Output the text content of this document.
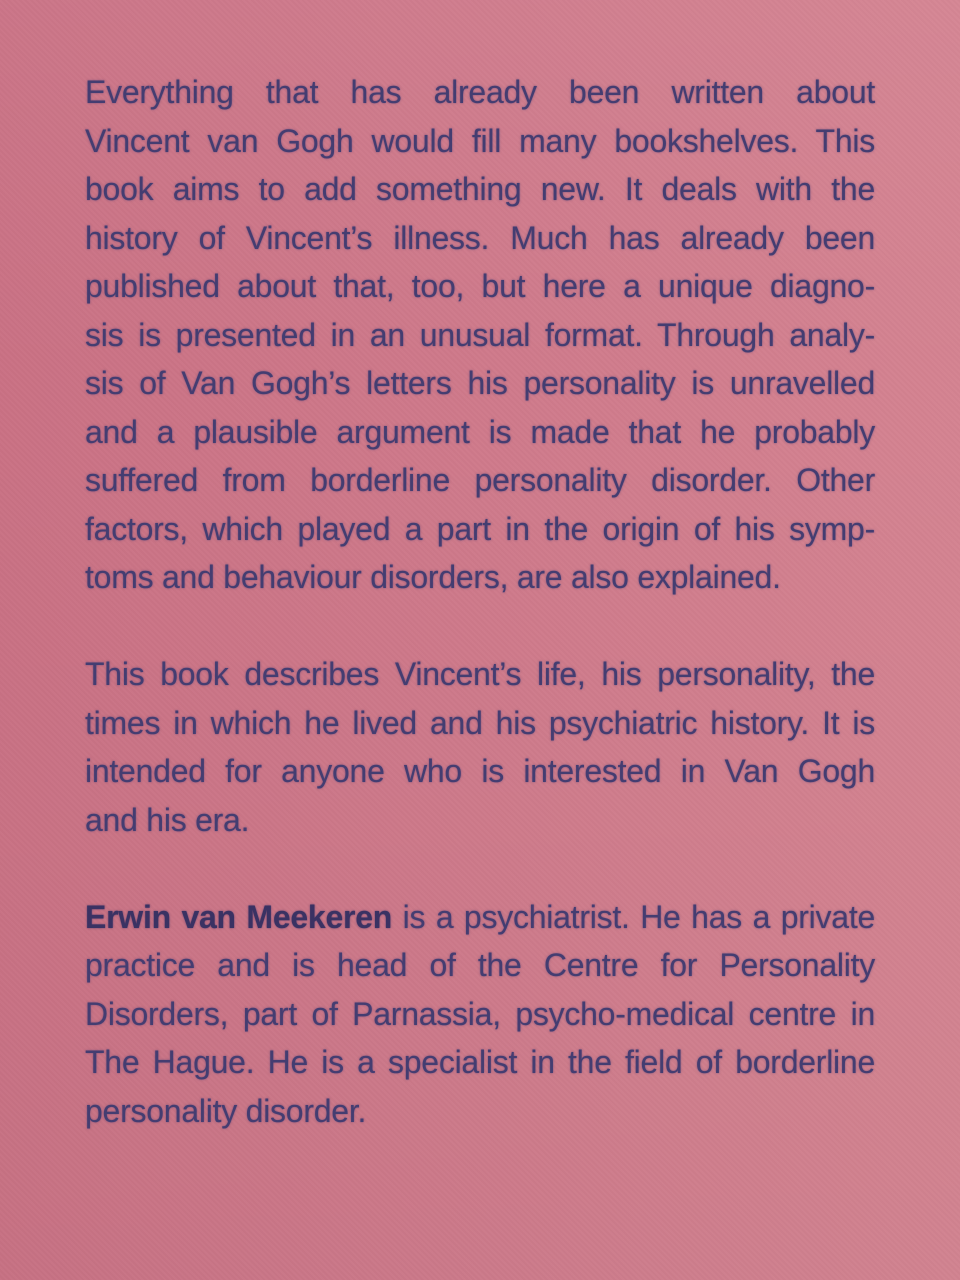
Everything that has already been written about
Vincent van Gogh would fill many bookshelves. This
book aims to add something new. It deals with the
history of Vincent’s illness. Much has already been
published about that, too, but here a unique diagno-
sis is presented in an unusual format. Through analy-
sis of Van Gogh’s letters his personality is unravelled
and a plausible argument is made that he probably
suffered from borderline personality disorder. Other
factors, which played a part in the origin of his symp-
toms and behaviour disorders, are also explained.
This book describes Vincent’s life, his personality, the
times in which he lived and his psychiatric history. It is
intended for anyone who is interested in Van Gogh
and his era.
Erwin van Meekeren is a psychiatrist. He has a private
practice and is head of the Centre for Personality
Disorders, part of Parnassia, psycho-medical centre in
The Hague. He is a specialist in the field of borderline
personality disorder.
